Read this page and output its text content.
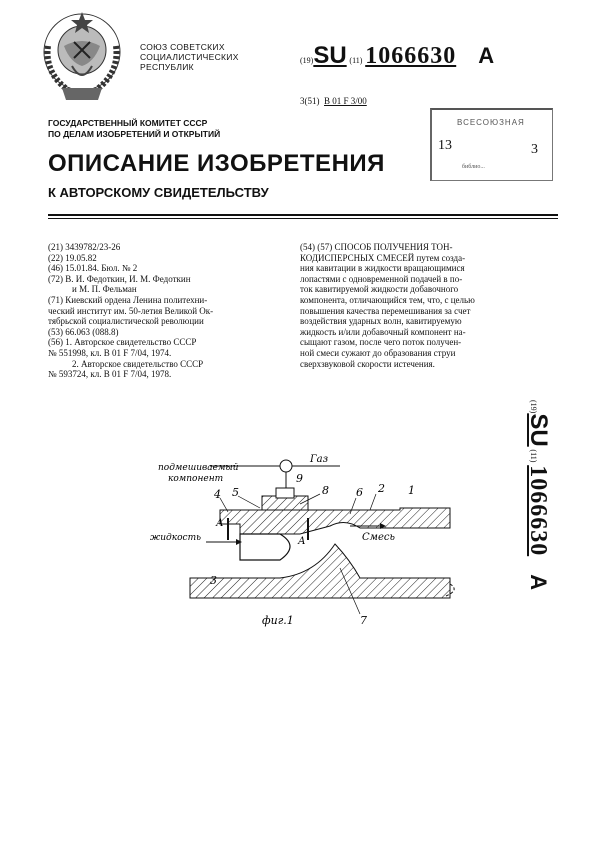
СОЮЗ СОВЕТСКИХ
СОЦИАЛИСТИЧЕСКИХ
РЕСПУБЛИК
(19)SU (11) 1066630 A
3(51) B 01 F 3/00
ВСЕСОЮЗНАЯ
13	3
библио...
ГОСУДАРСТВЕННЫЙ КОМИТЕТ СССР
ПО ДЕЛАМ ИЗОБРЕТЕНИЙ И ОТКРЫТИЙ
ОПИСАНИЕ ИЗОБРЕТЕНИЯ
К АВТОРСКОМУ СВИДЕТЕЛЬСТВУ
(21) 3439782/23-26
(22) 19.05.82
(46) 15.01.84. Бюл. № 2
(72) В. И. Федоткин, И. М. Федоткин
и М. П. Фельман
(71) Киевский ордена Ленина политехни-
ческий институт им. 50-летия Великой Ок-
тябрьской социалистической революции
(53) 66.063 (088.8)
(56) 1. Авторское свидетельство СССР
№ 551998, кл. В 01 F 7/04, 1974.
2. Авторское свидетельство СССР
№ 593724, кл. В 01 F 7/04, 1978.
(54) (57) СПОСОБ ПОЛУЧЕНИЯ ТОН-
КОДИСПЕРСНЫХ СМЕСЕЙ путем созда-
ния кавитации в жидкости вращающимися
лопастями с одновременной подачей в по-
ток кавитируемой жидкости добавочного
компонента, отличающийся тем, что, с целью
повышения качества перемешивания за счет
воздействия ударных волн, кавитируемую
жидкость и/или добавочный компонент на-
сыщают газом, после чего поток получен-
ной смеси сужают до образования струи
сверхзвуковой скорости истечения.
(19)SU (11) 1066630A
Газ
подмешиваемый
компонент
жидкость	Смесь
А
А
фиг.1
1
2
3
4 5	6
7
8
9
